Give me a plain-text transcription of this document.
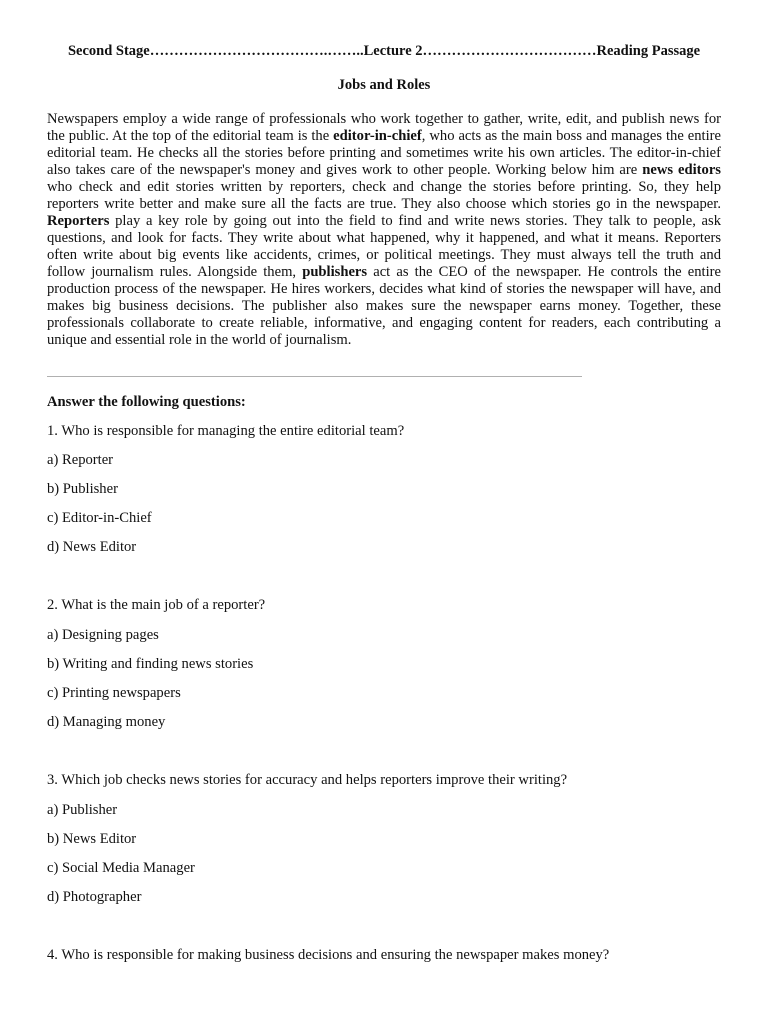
Second Stage……………………………….……..Lecture 2………………………………Reading Passage
Jobs and Roles

Newspapers employ a wide range of professionals who work together to gather, write, edit, and publish news for the public. At the top of the editorial team is the editor-in-chief, who acts as the main boss and manages the entire editorial team. He checks all the stories before printing and sometimes write his own articles. The editor-in-chief also takes care of the newspaper's money and gives work to other people. Working below him are news editors who check and edit stories written by reporters, check and change the stories before printing. So, they help reporters write better and make sure all the facts are true. They also choose which stories go in the newspaper. Reporters play a key role by going out into the field to find and write news stories. They talk to people, ask questions, and look for facts. They write about what happened, why it happened, and what it means. Reporters often write about big events like accidents, crimes, or political meetings. They must always tell the truth and follow journalism rules. Alongside them, publishers act as the CEO of the newspaper. He controls the entire production process of the newspaper. He hires workers, decides what kind of stories the newspaper will have, and makes big business decisions. The publisher also makes sure the newspaper earns money. Together, these professionals collaborate to create reliable, informative, and engaging content for readers, each contributing a unique and essential role in the world of journalism.

Answer the following questions:
1. Who is responsible for managing the entire editorial team?
a) Reporter
b) Publisher
c) Editor-in-Chief
d) News Editor
2. What is the main job of a reporter?
a) Designing pages
b) Writing and finding news stories
c) Printing newspapers
d) Managing money
3. Which job checks news stories for accuracy and helps reporters improve their writing?
a) Publisher
b) News Editor
c) Social Media Manager
d) Photographer
4. Who is responsible for making business decisions and ensuring the newspaper makes money?
